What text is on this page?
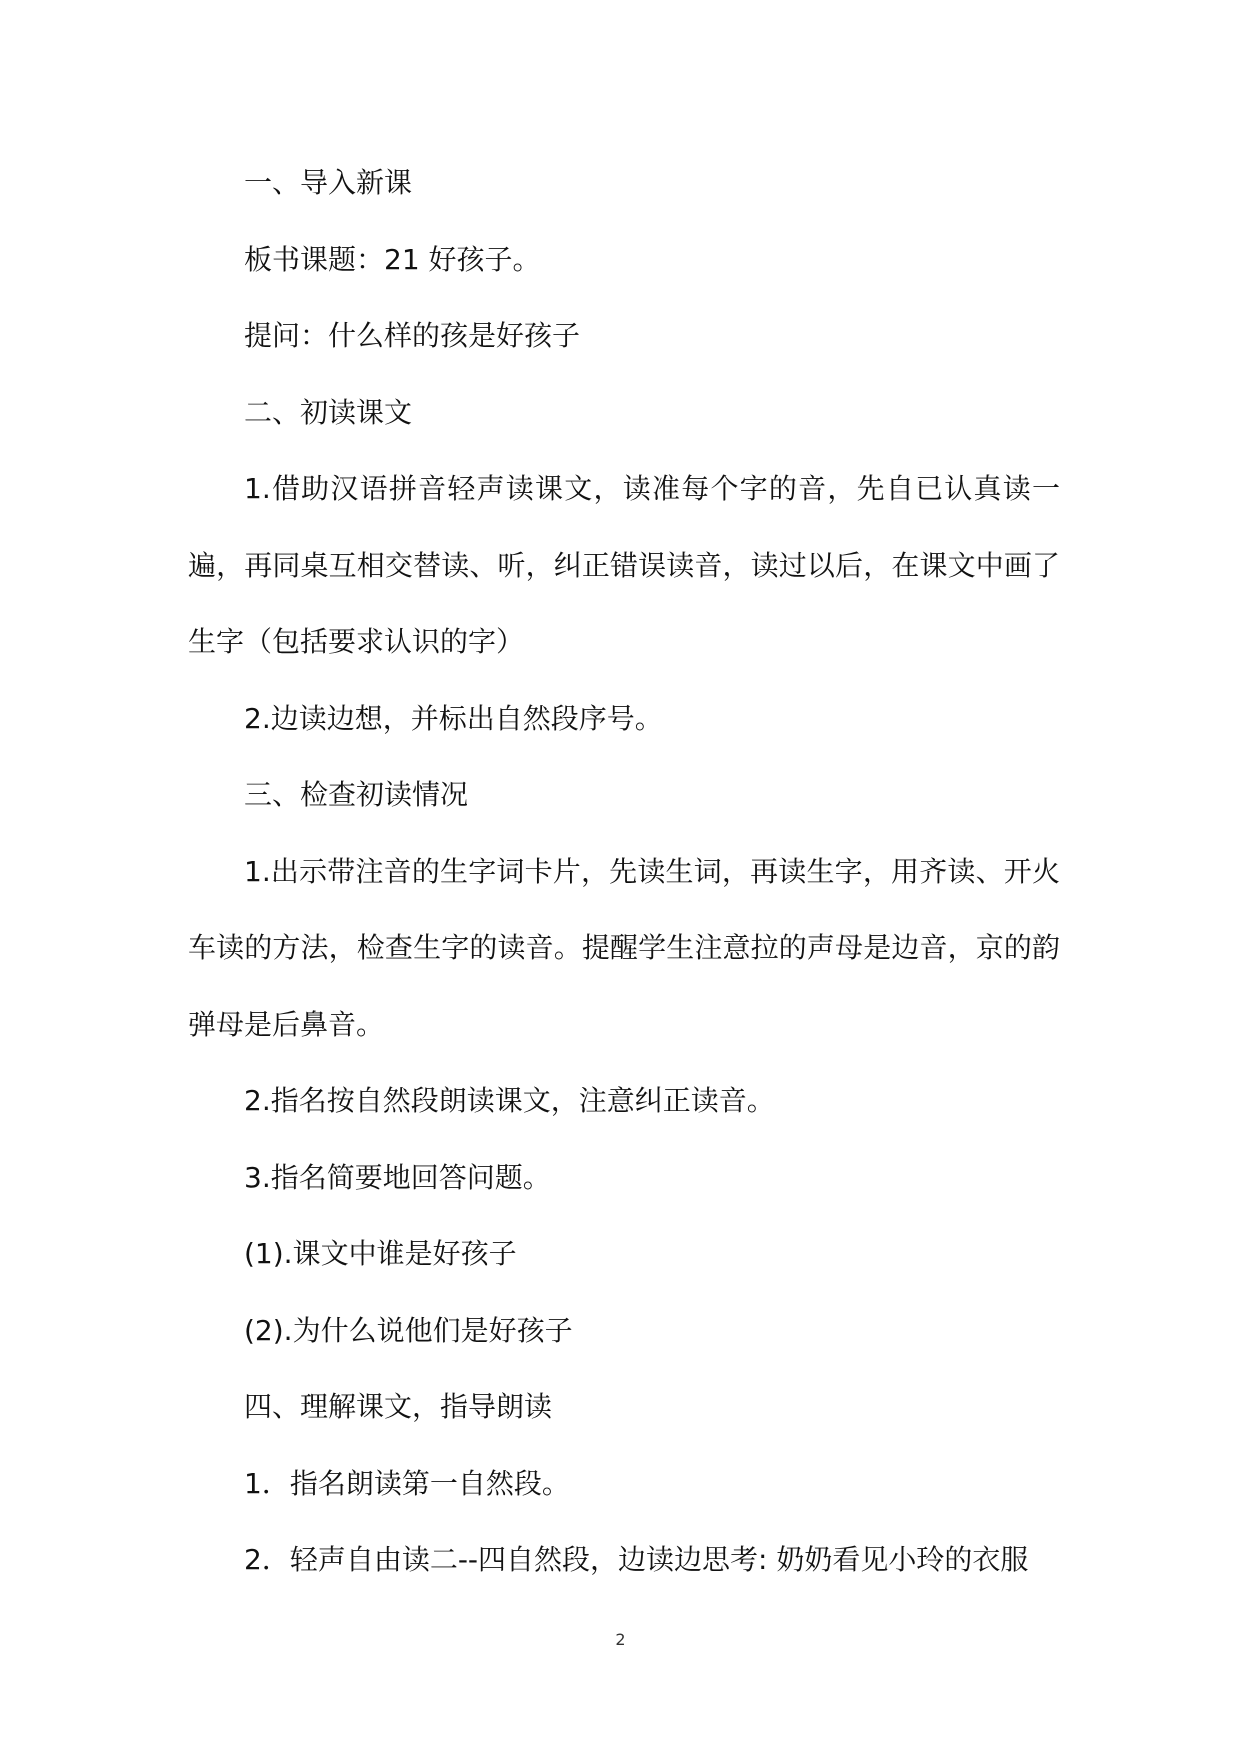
一、导入新课

板书课题：21 好孩子。

提问：什么样的孩是好孩子

二、初读课文

1.借助汉语拼音轻声读课文，读准每个字的音，先自已认真读一遍，再同桌互相交替读、听，纠正错误读音，读过以后，在课文中画了生字（包括要求认识的字）

2.边读边想，并标出自然段序号。

三、检查初读情况

1.出示带注音的生字词卡片，先读生词，再读生字，用齐读、开火车读的方法，检查生字的读音。提醒学生注意拉的声母是边音，京的韵弹母是后鼻音。

2.指名按自然段朗读课文，注意纠正读音。

3.指名简要地回答问题。

(1).课文中谁是好孩子

(2).为什么说他们是好孩子

四、理解课文，指导朗读

1．指名朗读第一自然段。

2．轻声自由读二--四自然段，边读边思考: 奶奶看见小玲的衣服

2
